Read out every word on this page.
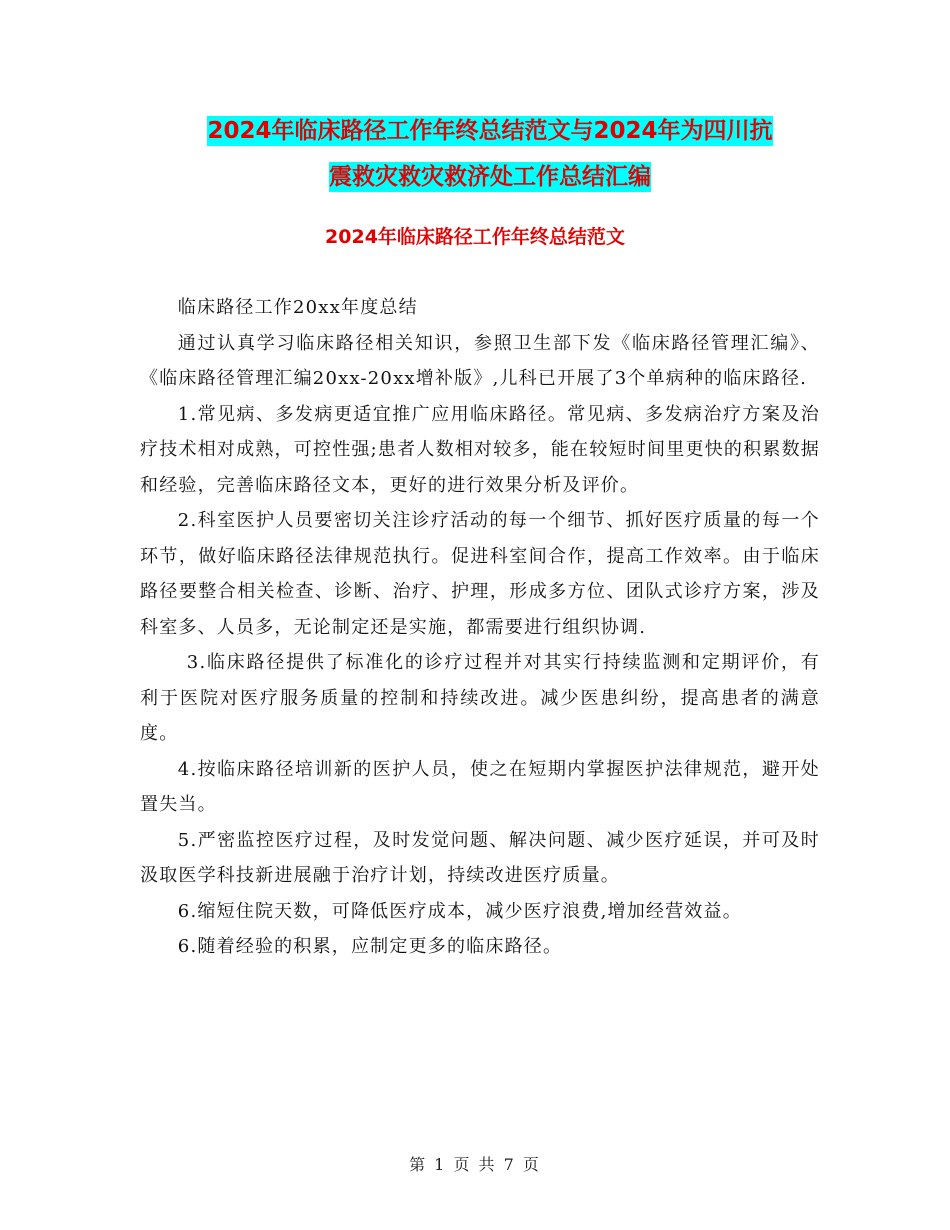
2024年临床路径工作年终总结范文与2024年为四川抗
震救灾救灾救济处工作总结汇编
2024年临床路径工作年终总结范文

临床路径工作20xx年度总结

通过认真学习临床路径相关知识，参照卫生部下发《临床路径管理汇编》、《临床路径管理汇编20xx-20xx增补版》,儿科已开展了3个单病种的临床路径.

1.常见病、多发病更适宜推广应用临床路径。常见病、多发病治疗方案及治疗技术相对成熟，可控性强;患者人数相对较多，能在较短时间里更快的积累数据和经验，完善临床路径文本，更好的进行效果分析及评价。

2.科室医护人员要密切关注诊疗活动的每一个细节、抓好医疗质量的每一个环节，做好临床路径法律规范执行。促进科室间合作，提高工作效率。由于临床路径要整合相关检查、诊断、治疗、护理，形成多方位、团队式诊疗方案，涉及科室多、人员多，无论制定还是实施，都需要进行组织协调.

3.临床路径提供了标准化的诊疗过程并对其实行持续监测和定期评价，有利于医院对医疗服务质量的控制和持续改进。减少医患纠纷，提高患者的满意度。

4.按临床路径培训新的医护人员，使之在短期内掌握医护法律规范，避开处置失当。

5.严密监控医疗过程，及时发觉问题、解决问题、减少医疗延误，并可及时汲取医学科技新进展融于治疗计划，持续改进医疗质量。

6.缩短住院天数，可降低医疗成本，减少医疗浪费,增加经营效益。

6.随着经验的积累，应制定更多的临床路径。

第 1 页 共 7 页
